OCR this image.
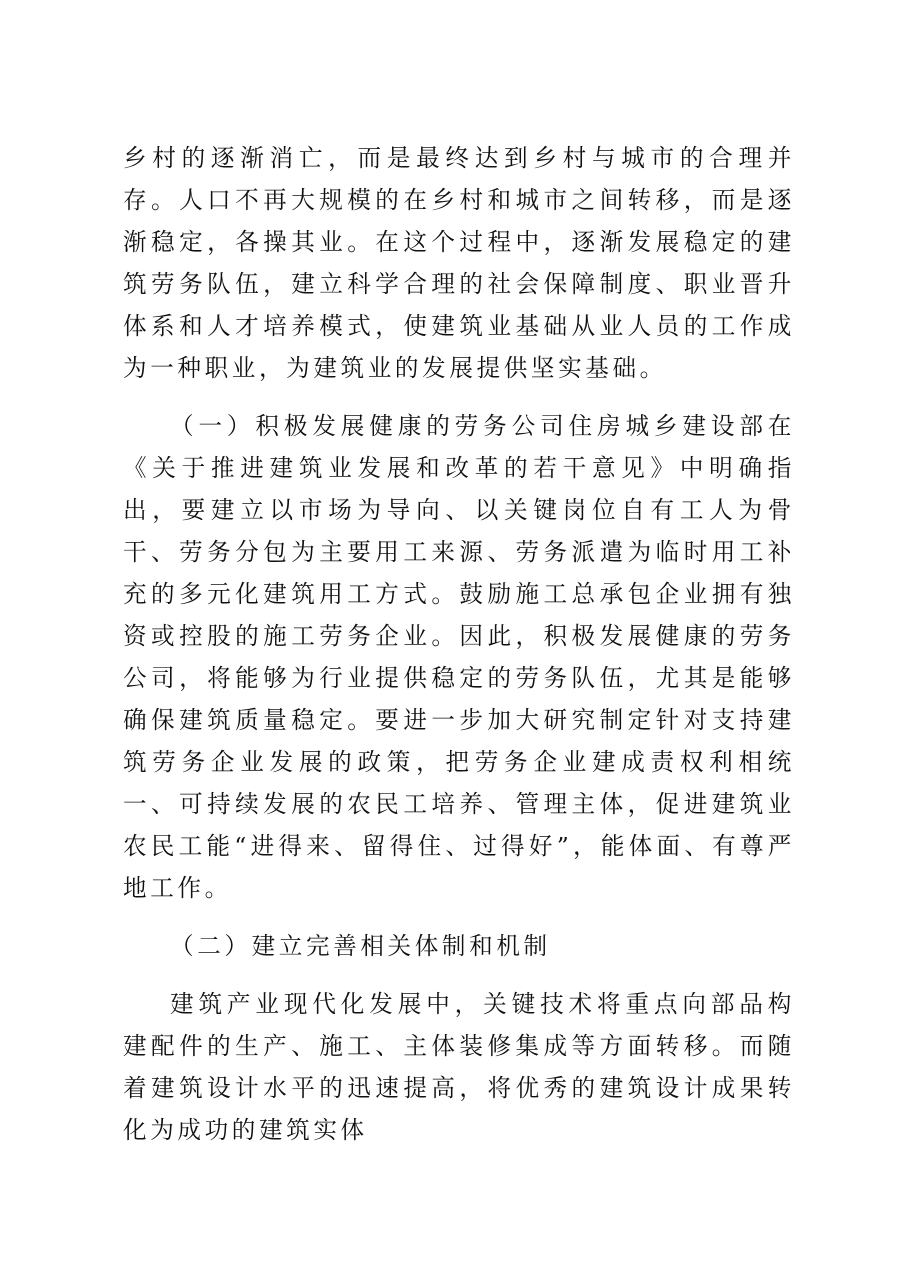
乡村的逐渐消亡，而是最终达到乡村与城市的合理并存。人口不再大规模的在乡村和城市之间转移，而是逐渐稳定，各操其业。在这个过程中，逐渐发展稳定的建筑劳务队伍，建立科学合理的社会保障制度、职业晋升体系和人才培养模式，使建筑业基础从业人员的工作成为一种职业，为建筑业的发展提供坚实基础。

（一）积极发展健康的劳务公司住房城乡建设部在《关于推进建筑业发展和改革的若干意见》中明确指出，要建立以市场为导向、以关键岗位自有工人为骨干、劳务分包为主要用工来源、劳务派遣为临时用工补充的多元化建筑用工方式。鼓励施工总承包企业拥有独资或控股的施工劳务企业。因此，积极发展健康的劳务公司，将能够为行业提供稳定的劳务队伍，尤其是能够确保建筑质量稳定。要进一步加大研究制定针对支持建筑劳务企业发展的政策，把劳务企业建成责权利相统一、可持续发展的农民工培养、管理主体，促进建筑业农民工能“进得来、留得住、过得好”，能体面、有尊严地工作。

（二）建立完善相关体制和机制

建筑产业现代化发展中，关键技术将重点向部品构建配件的生产、施工、主体装修集成等方面转移。而随着建筑设计水平的迅速提高，将优秀的建筑设计成果转化为成功的建筑实体
